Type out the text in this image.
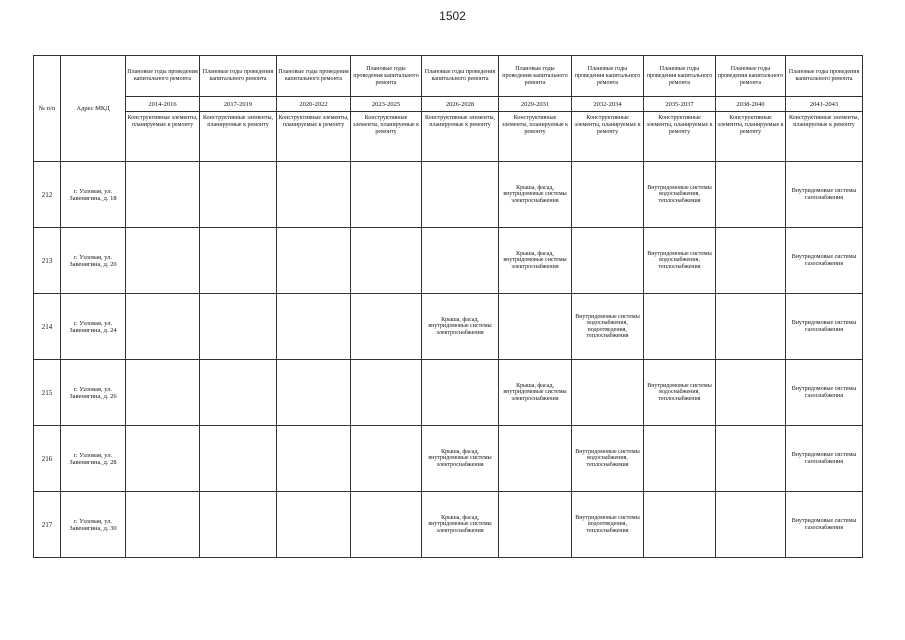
1502
№ п/п	Адрес МКД	Плановые годы проведения капитального ремонта	Плановые годы проведения капитального ремонта	Плановые годы проведения капитального ремонта	Плановые годы проведения капитального ремонта	Плановые годы проведения капитального ремонта	Плановые годы проведения капитального ремонта	Плановые годы проведения капитального ремонта	Плановые годы проведения капитального ремонта	Плановые годы проведения капитального ремонта	Плановые годы проведения капитального ремонта
		2014-2016	2017-2019	2020-2022	2023-2025	2026-2028	2029-2031	2032-2034	2035-2037	2038-2040	2041-2043
		Конструктивные элементы, планируемые к ремонту	Конструктивные элементы, планируемые к ремонту	Конструктивные элементы, планируемые к ремонту	Конструктивные элементы, планируемые к ремонту	Конструктивные элементы, планируемые к ремонту	Конструктивные элементы, планируемые к ремонту	Конструктивные элементы, планируемые к ремонту	Конструктивные элементы, планируемые к ремонту	Конструктивные элементы, планируемые к ремонту	Конструктивные элементы, планируемые к ремонту
212	г. Узловая, ул. Завенягина, д. 18						Крыша, фасад, внутридомовые системы электроснабжения		Внутридомовые системы водоснабжения, теплоснабжения		Внутридомовые системы газоснабжения
213	г. Узловая, ул. Завенягина, д. 20						Крыша, фасад, внутридомовые системы электроснабжения		Внутридомовые системы водоснабжения, теплоснабжения		Внутридомовые системы газоснабжения
214	г. Узловая, ул. Завенягина, д. 24					Крыша, фасад, внутридомовые системы электроснабжения		Внутридомовые системы водоснабжения, водоотведения, теплоснабжения			Внутридомовые системы газоснабжения
215	г. Узловая, ул. Завенягина, д. 26						Крыша, фасад, внутридомовые системы электроснабжения		Внутридомовые системы водоснабжения, теплоснабжения		Внутридомовые системы газоснабжения
216	г. Узловая, ул. Завенягина, д. 28					Крыша, фасад, внутридомовые системы электроснабжения		Внутридомовые системы водоснабжения, теплоснабжения			Внутридомовые системы газоснабжения
217	г. Узловая, ул. Завенягина, д. 30					Крыша, фасад, внутридомовые системы электроснабжения		Внутридомовые системы водоотведения, теплоснабжения			Внутридомовые системы газоснабжения
